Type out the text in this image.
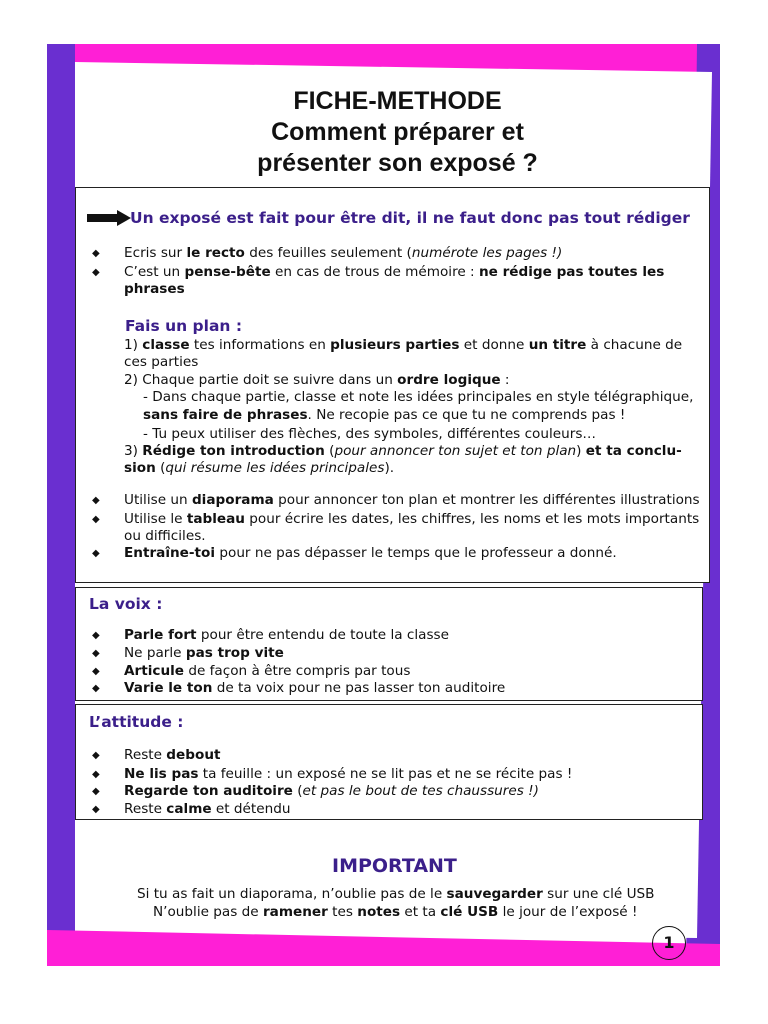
FICHE-METHODE
Comment préparer et
présenter son exposé ?
Un exposé est fait pour être dit, il ne faut donc pas tout rédiger
◆ Ecris sur le recto des feuilles seulement (numérote les pages !)
◆ C’est un pense-bête en cas de trous de mémoire : ne rédige pas toutes les
phrases
Fais un plan :
1) classe tes informations en plusieurs parties et donne un titre à chacune de
ces parties
2) Chaque partie doit se suivre dans un ordre logique :
- Dans chaque partie, classe et note les idées principales en style télégraphique,
sans faire de phrases. Ne recopie pas ce que tu ne comprends pas !
- Tu peux utiliser des flèches, des symboles, différentes couleurs…
3) Rédige ton introduction (pour annoncer ton sujet et ton plan) et ta conclu-
sion (qui résume les idées principales).
◆ Utilise un diaporama pour annoncer ton plan et montrer les différentes illustrations
◆ Utilise le tableau pour écrire les dates, les chiffres, les noms et les mots importants
ou difficiles.
◆ Entraîne-toi pour ne pas dépasser le temps que le professeur a donné.
La voix :
◆ Parle fort pour être entendu de toute la classe
◆ Ne parle pas trop vite
◆ Articule de façon à être compris par tous
◆ Varie le ton de ta voix pour ne pas lasser ton auditoire
L’attitude :
◆ Reste debout
◆ Ne lis pas ta feuille : un exposé ne se lit pas et ne se récite pas !
◆ Regarde ton auditoire (et pas le bout de tes chaussures !)
◆ Reste calme et détendu
IMPORTANT
Si tu as fait un diaporama, n’oublie pas de le sauvegarder sur une clé USB
N’oublie pas de ramener tes notes et ta clé USB le jour de l’exposé !
1
